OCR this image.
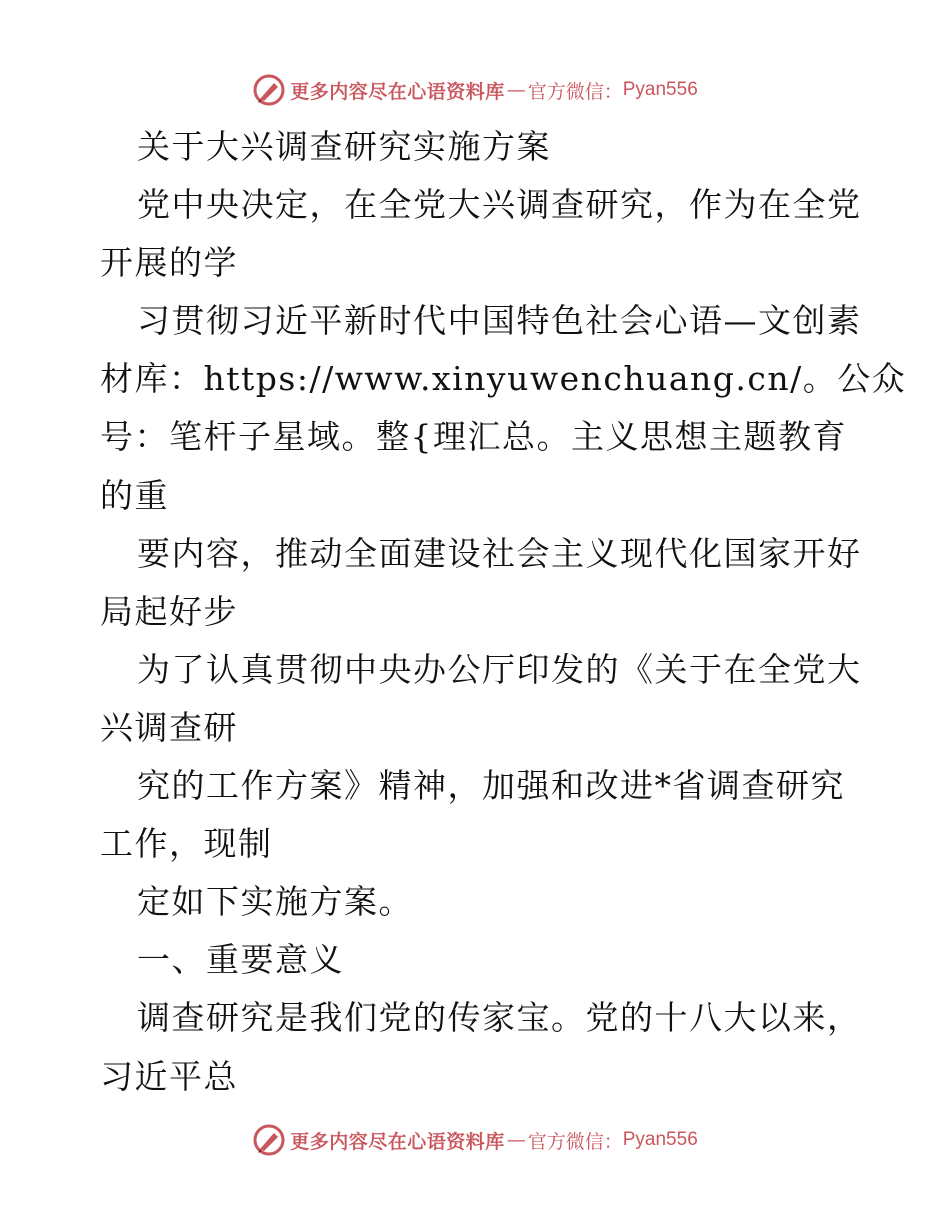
更多内容尽在心语资料库 — 官方微信： Pyan556
关于大兴调查研究实施方案
党中央决定，在全党大兴调查研究，作为在全党
开展的学
习贯彻习近平新时代中国特色社会心语—文创素
材库：https://www.xinyuwenchuang.cn/。公众
号：笔杆子星域。整{理汇总。主义思想主题教育
的重
要内容，推动全面建设社会主义现代化国家开好
局起好步
为了认真贯彻中央办公厅印发的《关于在全党大
兴调查研
究的工作方案》精神，加强和改进*省调查研究
工作，现制
定如下实施方案。
一、重要意义
调查研究是我们党的传家宝。党的十八大以来，
习近平总
更多内容尽在心语资料库 — 官方微信： Pyan556
